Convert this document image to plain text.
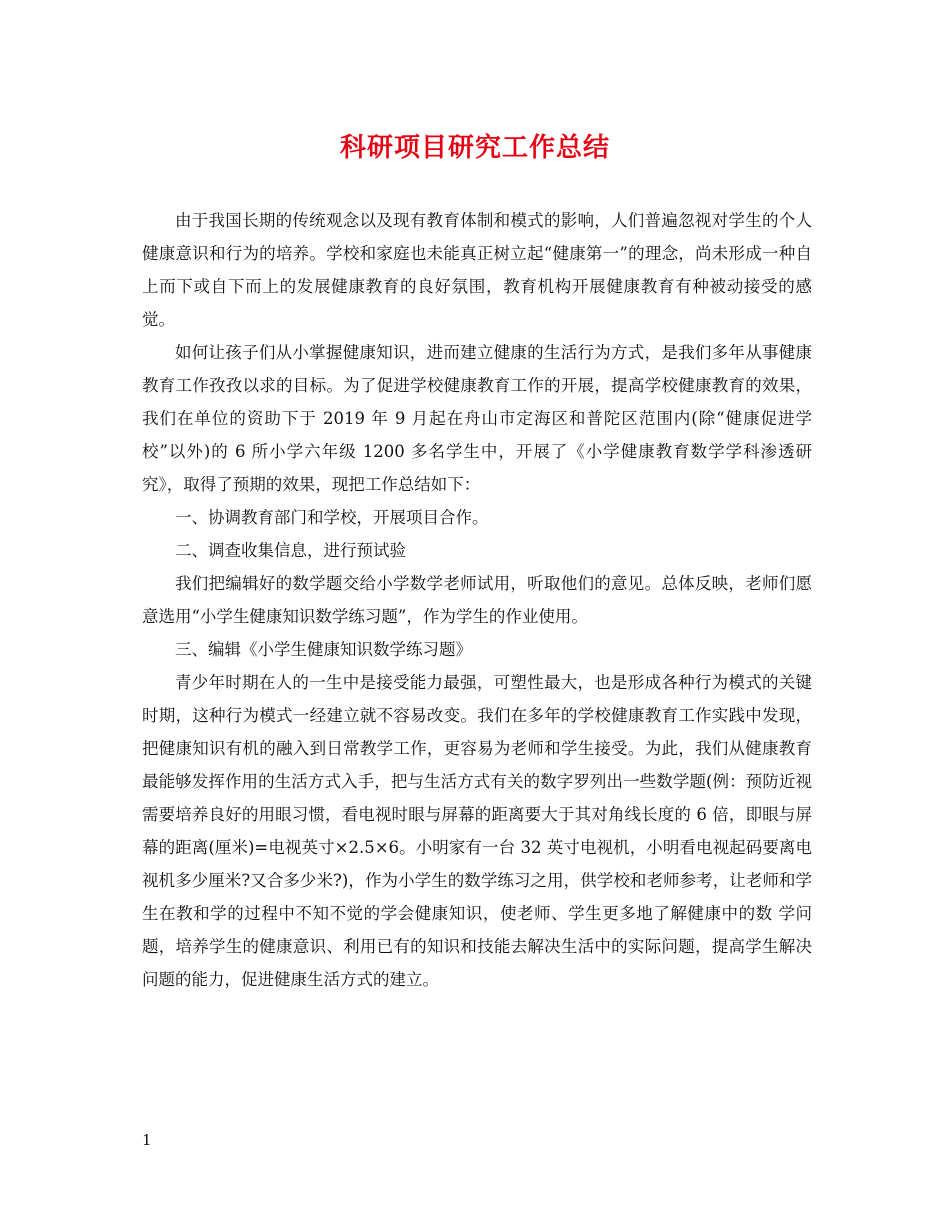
科研项目研究工作总结

由于我国长期的传统观念以及现有教育体制和模式的影响，人们普遍忽视对学生的个人健康意识和行为的培养。学校和家庭也未能真正树立起“健康第一”的理念，尚未形成一种自上而下或自下而上的发展健康教育的良好氛围，教育机构开展健康教育有种被动接受的感觉。

如何让孩子们从小掌握健康知识，进而建立健康的生活行为方式，是我们多年从事健康教育工作孜孜以求的目标。为了促进学校健康教育工作的开展，提高学校健康教育的效果，我们在单位的资助下于 2019 年 9 月起在舟山市定海区和普陀区范围内(除“健康促进学校”以外)的 6 所小学六年级 1200 多名学生中，开展了《小学健康教育数学学科渗透研究》，取得了预期的效果，现把工作总结如下：

一、协调教育部门和学校，开展项目合作。

二、调查收集信息，进行预试验

我们把编辑好的数学题交给小学数学老师试用，听取他们的意见。总体反映，老师们愿意选用“小学生健康知识数学练习题”，作为学生的作业使用。

三、编辑《小学生健康知识数学练习题》

青少年时期在人的一生中是接受能力最强，可塑性最大，也是形成各种行为模式的关键时期，这种行为模式一经建立就不容易改变。我们在多年的学校健康教育工作实践中发现，把健康知识有机的融入到日常教学工作，更容易为老师和学生接受。为此，我们从健康教育最能够发挥作用的生活方式入手，把与生活方式有关的数字罗列出一些数学题(例：预防近视需要培养良好的用眼习惯，看电视时眼与屏幕的距离要大于其对角线长度的 6 倍，即眼与屏幕的距离(厘米)=电视英寸×2.5×6。小明家有一台 32 英寸电视机，小明看电视起码要离电视机多少厘米?又合多少米?)，作为小学生的数学练习之用，供学校和老师参考，让老师和学生在教和学的过程中不知不觉的学会健康知识，使老师、学生更多地了解健康中的数 学问题，培养学生的健康意识、利用已有的知识和技能去解决生活中的实际问题，提高学生解决问题的能力，促进健康生活方式的建立。

1
